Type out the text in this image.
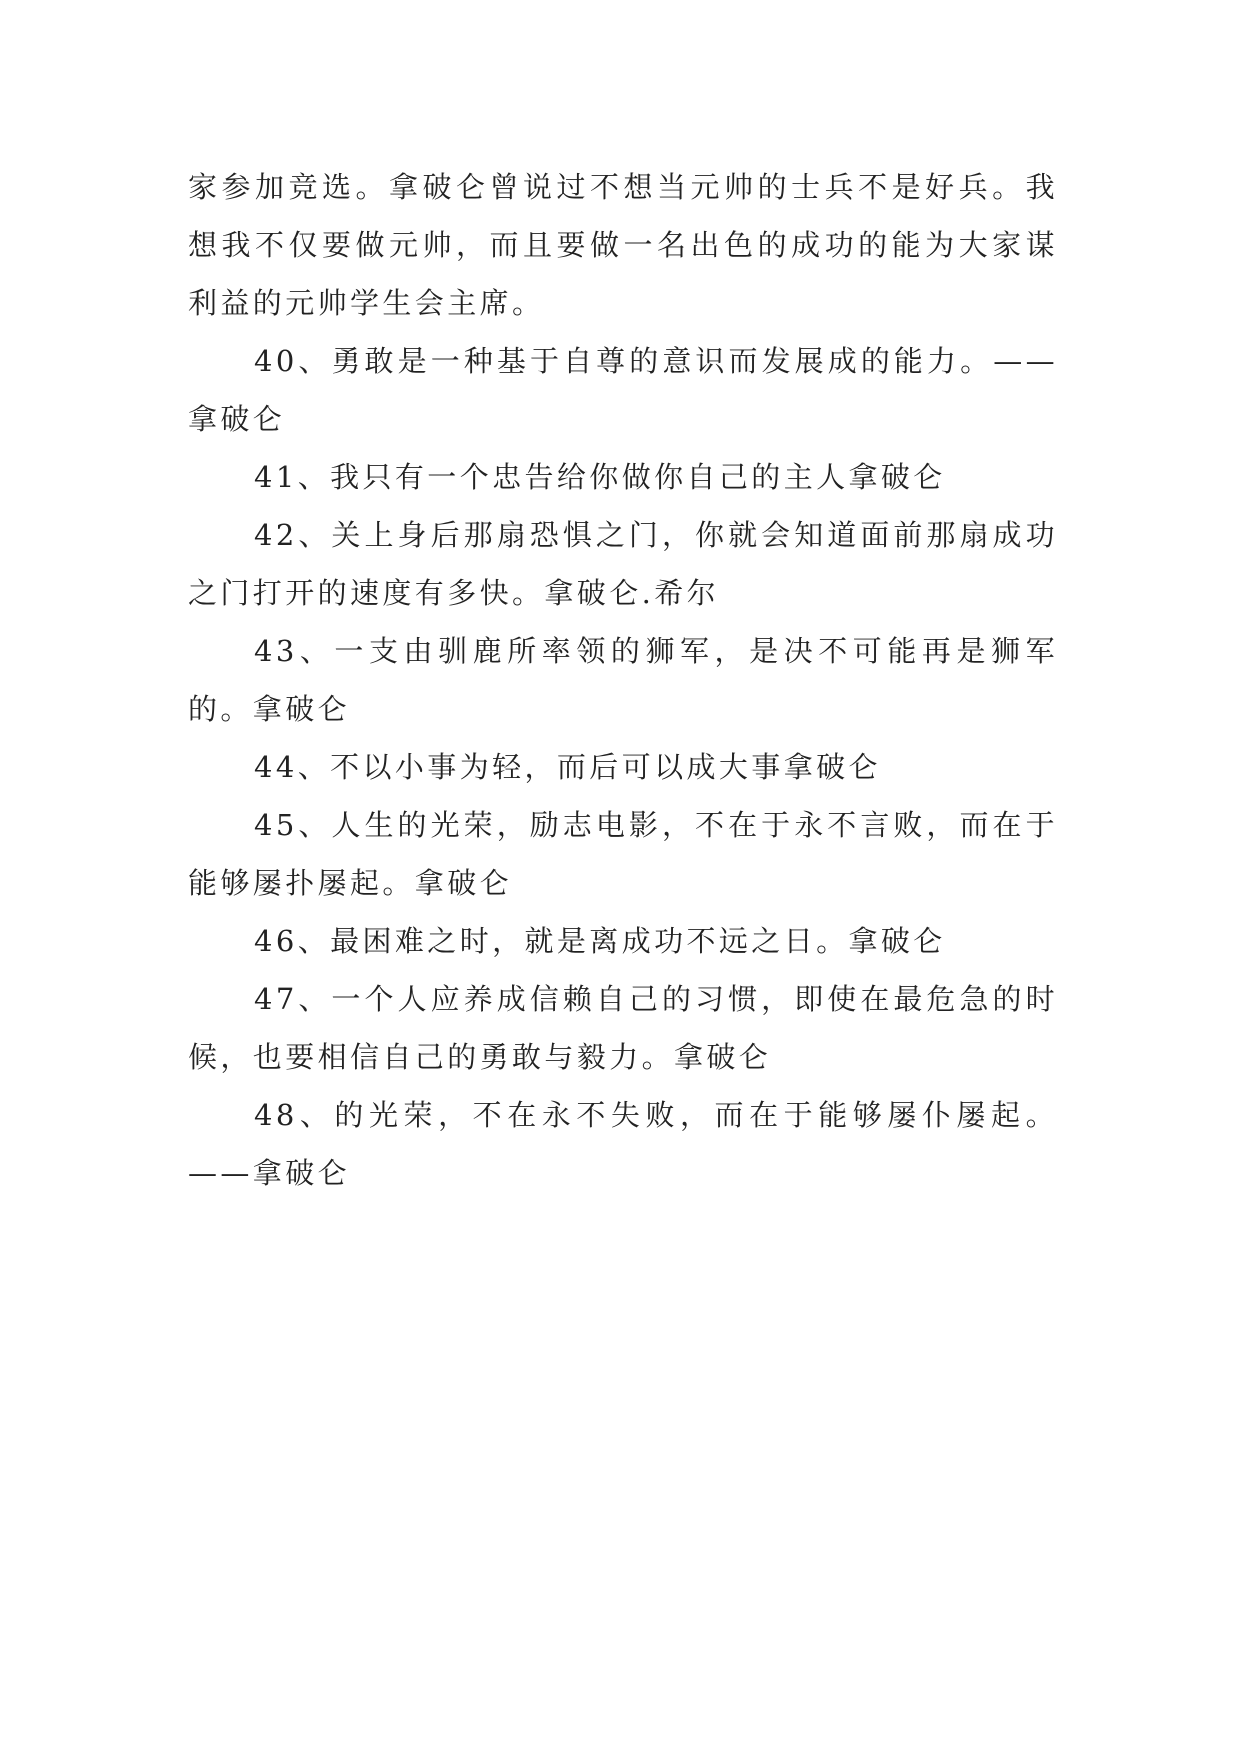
家参加竞选。拿破仑曾说过不想当元帅的士兵不是好兵。我想我不仅要做元帅，而且要做一名出色的成功的能为大家谋利益的元帅学生会主席。

40、勇敢是一种基于自尊的意识而发展成的能力。——拿破仑

41、我只有一个忠告给你做你自己的主人拿破仑

42、关上身后那扇恐惧之门，你就会知道面前那扇成功之门打开的速度有多快。拿破仑.希尔

43、一支由驯鹿所率领的狮军，是决不可能再是狮军的。拿破仑

44、不以小事为轻，而后可以成大事拿破仑

45、人生的光荣，励志电影，不在于永不言败，而在于能够屡扑屡起。拿破仑

46、最困难之时，就是离成功不远之日。拿破仑

47、一个人应养成信赖自己的习惯，即使在最危急的时候，也要相信自己的勇敢与毅力。拿破仑

48、的光荣，不在永不失败，而在于能够屡仆屡起。——拿破仑
